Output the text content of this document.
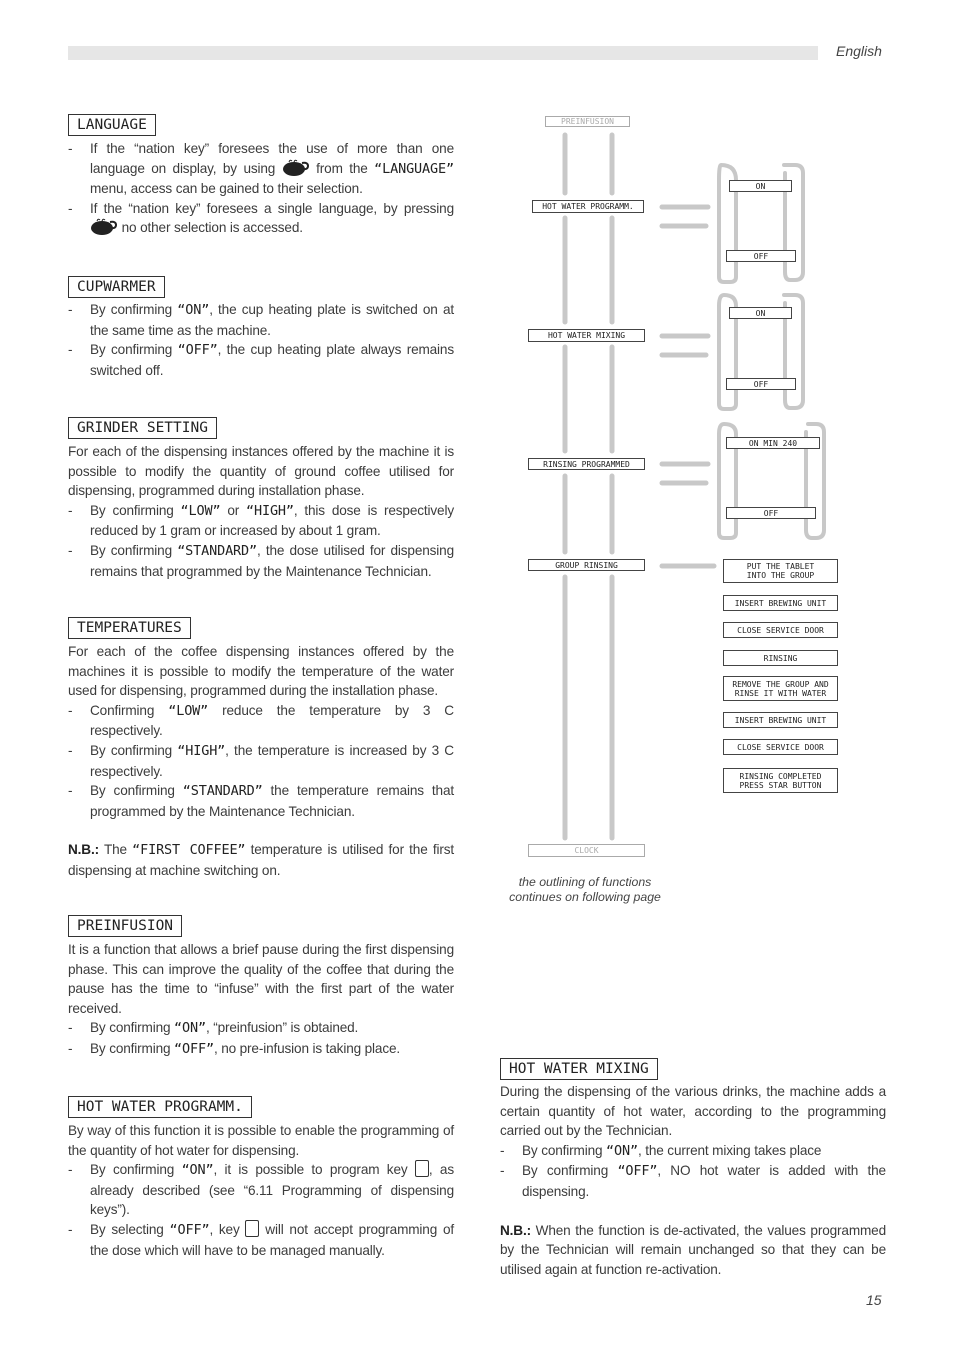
English
LANGUAGE

- If the “nation key” foresees the use of more than one language on display, by using	from the “LANGUAGE” menu, access can be gained to their selection.

- If the “nation key” foresees a single language, by pressing  no other selection is accessed.

CUPWARMER

- By confirming “ON”, the cup heating plate is switched on at the same time as the machine.

- By confirming “OFF”, the cup heating plate always remains switched off.

GRINDER SETTING

For each of the dispensing instances offered by the machine it is possible to modify the quantity of ground coffee utilised for dispensing, programmed during installation phase.

- By confirming “LOW” or “HIGH”, this dose is respectively reduced by 1 gram or increased by about 1 gram.

- By confirming “STANDARD”, the dose utilised for dispensing remains that programmed by the Maintenance Technician.

TEMPERATURES

For each of the coffee dispensing instances offered by the machines it is possible to modify the temperature of the water used for dispensing, programmed during the installation phase.

- Confirming “LOW” reduce the temperature by 3 C respectively.

- By confirming “HIGH”, the temperature is increased by 3 C respectively.

- By confirming “STANDARD” the temperature remains that programmed by the Maintenance Technician.

N.B.: The “FIRST COFFEE” temperature is utilised for the first dispensing at machine switching on.

PREINFUSION

It is a function that allows a brief pause during the first dispensing phase. This can improve the quality of the coffee that during the pause has the time to “infuse” with the first part of the water received.

- By confirming “ON”, “preinfusion” is obtained.

- By confirming “OFF”, no pre-infusion is taking place.

HOT WATER PROGRAMM.

By way of this function it is possible to enable the programming of the quantity of hot water for dispensing.

- By confirming “ON”, it is possible to program key , as already described (see “6.11 Programming of dispensing keys”).

- By selecting “OFF”, key will not accept programming of the dose which will have to be managed manually.

PREINFUSION
HOT WATER PROGRAMM.
HOT WATER MIXING
RINSING PROGRAMMED
GROUP RINSING
CLOCK
ON
OFF
ON
OFF
ON MIN 240
OFF
PUT THE TABLET
INTO THE GROUP
INSERT BREWING UNIT
CLOSE SERVICE DOOR
RINSING
REMOVE THE GROUP AND
RINSE IT WITH WATER
INSERT BREWING UNIT
CLOSE SERVICE DOOR
RINSING COMPLETED
PRESS STAR BUTTON
the outlining of functions
continues on following page
HOT WATER MIXING

During the dispensing of the various drinks, the machine adds a certain quantity of hot water, according to the programming carried out by the Technician.

- By confirming “ON”, the current mixing takes place

- By confirming “OFF”, NO hot water is added with the dispensing.

N.B.: When the function is de-activated, the values programmed by the Technician will remain unchanged so that they can be utilised again at function re-activation.

15
